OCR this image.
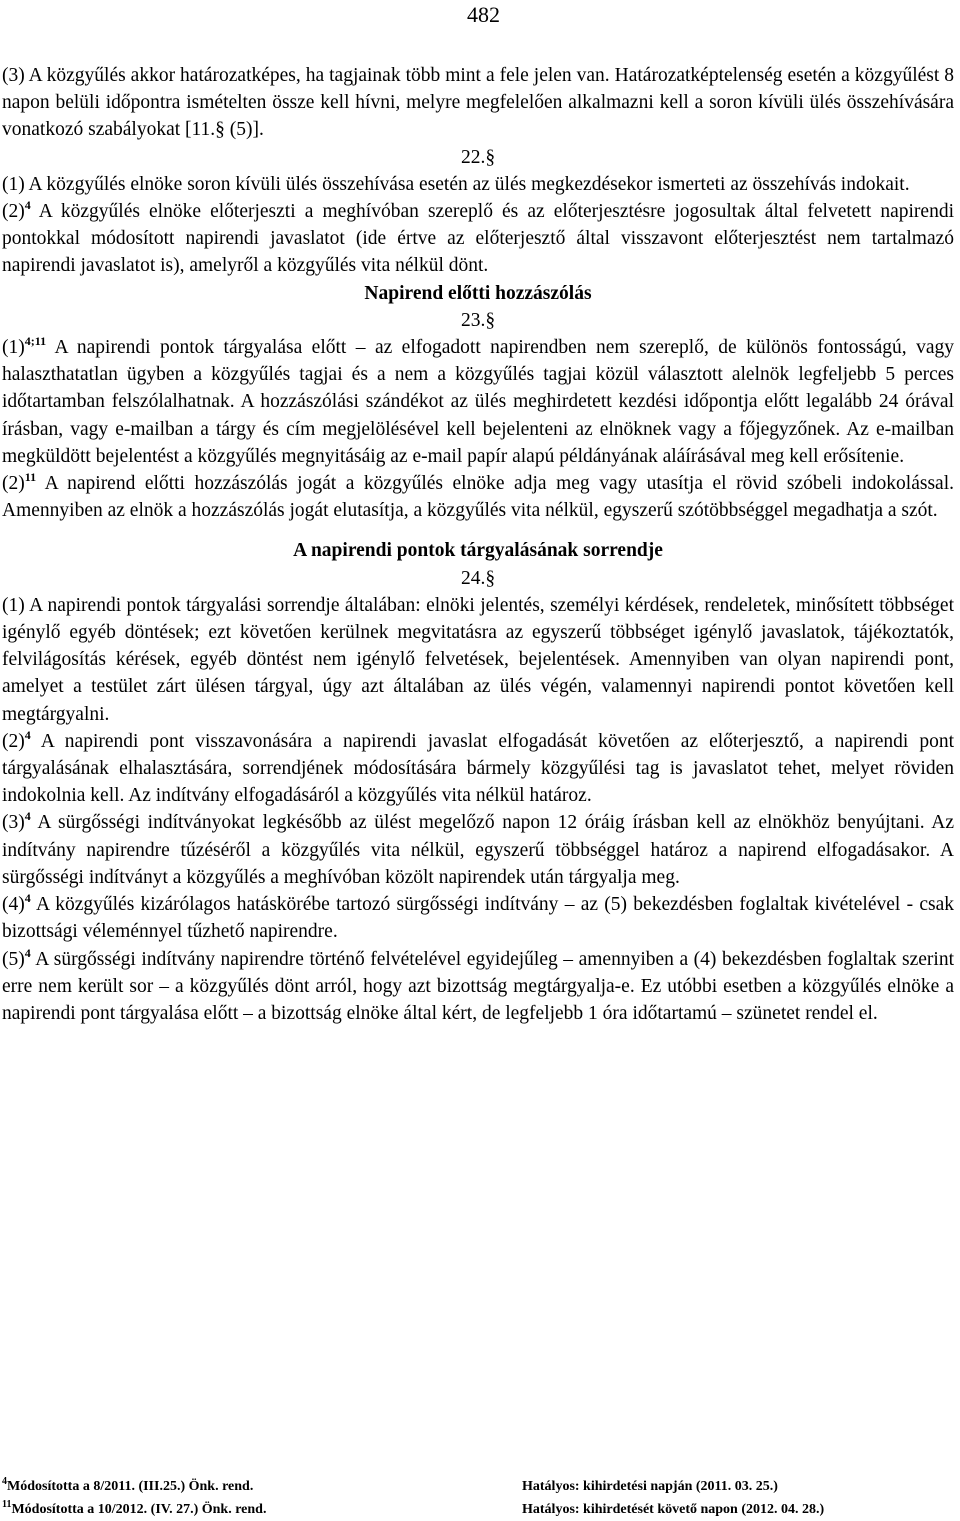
482

(3) A közgyűlés akkor határozatképes, ha tagjainak több mint a fele jelen van. Határozatképtelenség esetén a közgyűlést 8 napon belüli időpontra ismételten össze kell hívni, melyre megfelelően alkalmazni kell a soron kívüli ülés összehívására vonatkozó szabályokat [11.§ (5)].

22.§

(1) A közgyűlés elnöke soron kívüli ülés összehívása esetén az ülés megkezdésekor ismerteti az összehívás indokait.

$(2)^4$ A közgyűlés elnöke előterjeszti a meghívóban szereplő és az előterjesztésre jogosultak által felvetett napirendi pontokkal módosított napirendi javaslatot (ide értve az előterjesztő által visszavont előterjesztést nem tartalmazó napirendi javaslatot is), amelyről a közgyűlés vita nélkül dönt.

Napirend előtti hozzászólás

23.§

$(1)^{4;11}$ A napirendi pontok tárgyalása előtt – az elfogadott napirendben nem szereplő, de különös fontosságú, vagy halaszthatatlan ügyben a közgyűlés tagjai és a nem a közgyűlés tagjai közül választott alelnök legfeljebb 5 perces időtartamban felszólalhatnak. A hozzászólási szándékot az ülés meghirdetett kezdési időpontja előtt legalább 24 órával írásban, vagy e-mailban a tárgy és cím megjelölésével kell bejelenteni az elnöknek vagy a főjegyzőnek. Az e-mailban megküldött bejelentést a közgyűlés megnyitásáig az e-mail papír alapú példányának aláírásával meg kell erősítenie.

$(2)^{11}$ A napirend előtti hozzászólás jogát a közgyűlés elnöke adja meg vagy utasítja el rövid szóbeli indokolással. Amennyiben az elnök a hozzászólás jogát elutasítja, a közgyűlés vita nélkül, egyszerű szótöbbséggel megadhatja a szót.

A napirendi pontok tárgyalásának sorrendje

24.§

(1) A napirendi pontok tárgyalási sorrendje általában: elnöki jelentés, személyi kérdések, rendeletek, minősített többséget igénylő egyéb döntések; ezt követően kerülnek megvitatásra az egyszerű többséget igénylő javaslatok, tájékoztatók, felvilágosítás kérések, egyéb döntést nem igénylő felvetések, bejelentések. Amennyiben van olyan napirendi pont, amelyet a testület zárt ülésen tárgyal, úgy azt általában az ülés végén, valamennyi napirendi pontot követően kell megtárgyalni.

$(2)^4$ A napirendi pont visszavonására a napirendi javaslat elfogadását követően az előterjesztő, a napirendi pont tárgyalásának elhalasztására, sorrendjének módosítására bármely közgyűlési tag is javaslatot tehet, melyet röviden indokolnia kell. Az indítvány elfogadásáról a közgyűlés vita nélkül határoz.

$(3)^4$ A sürgősségi indítványokat legkésőbb az ülést megelőző napon 12 óráig írásban kell az elnökhöz benyújtani. Az indítvány napirendre tűzéséről a közgyűlés vita nélkül, egyszerű többséggel határoz a napirend elfogadásakor. A sürgősségi indítványt a közgyűlés a meghívóban közölt napirendek után tárgyalja meg.

$(4)^4$ A közgyűlés kizárólagos hatáskörébe tartozó sürgősségi indítvány – az (5) bekezdésben foglaltak kivételével - csak bizottsági véleménnyel tűzhető napirendre.

$(5)^4$ A sürgősségi indítvány napirendre történő felvételével egyidejűleg – amennyiben a (4) bekezdésben foglaltak szerint erre nem került sor – a közgyűlés dönt arról, hogy azt bizottság megtárgyalja-e. Ez utóbbi esetben a közgyűlés elnöke a napirendi pont tárgyalása előtt – a bizottság elnöke által kért, de legfeljebb 1 óra időtartamú – szünetet rendel el.

$^4$Módosította a 8/2011. (III.25.) Önk. rend.	Hatályos: kihirdetési napján (2011. 03. 25.)
$^{11}$Módosította a 10/2012. (IV. 27.) Önk. rend.	Hatályos: kihirdetését követő napon (2012. 04. 28.)
